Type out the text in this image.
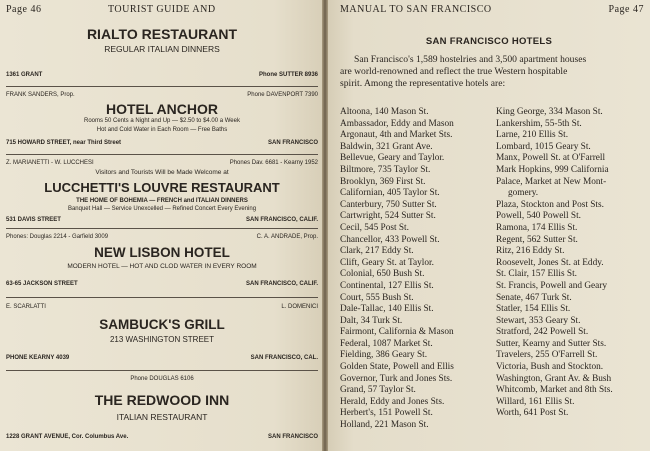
Page 46	TOURIST GUIDE AND
RIALTO RESTAURANT
REGULAR ITALIAN DINNERS
1361 GRANT	Phone SUTTER 8936
FRANK SANDERS, Prop.	Phone DAVENPORT 7390
HOTEL ANCHOR
Rooms 50 Cents a Night and Up — $2.50 to $4.00 a Week
Hot and Cold Water in Each Room — Free Baths
715 HOWARD STREET, near Third Street	SAN FRANCISCO
Z. MARIANETTI - W. LUCCHESI	Phones Dav. 6681 - Kearny 1952
Visitors and Tourists Will be Made Welcome at
LUCCHETTI'S LOUVRE RESTAURANT
THE HOME OF BOHEMIA — FRENCH and ITALIAN DINNERS
Banquet Hall — Service Unexcelled — Refined Concert Every Evening
531 DAVIS STREET	SAN FRANCISCO, CALIF.
Phones: Douglas 2214 - Garfield 3009	C. A. ANDRADE, Prop.
NEW LISBON HOTEL
MODERN HOTEL — HOT AND CLOD WATER IN EVERY ROOM
63-65 JACKSON STREET	SAN FRANCISCO, CALIF.
E. SCARLATTI	L. DOMENICI
SAMBUCK'S GRILL
213 WASHINGTON STREET
PHONE KEARNY 4039	SAN FRANCISCO, CAL.
Phone DOUGLAS 6106
THE REDWOOD INN
ITALIAN RESTAURANT
1228 GRANT AVENUE, Cor. Columbus Ave.	SAN FRANCISCO
MANUAL TO SAN FRANCISCO	Page 47
SAN FRANCISCO HOTELS
San Francisco's 1,589 hostelries and 3,500 apartment houses
are world-renowned and reflect the true Western hospitable
spirit. Among the representative hotels are:
Altoona, 140 Mason St.
Ambassador, Eddy and Mason
Argonaut, 4th and Market Sts.
Baldwin, 321 Grant Ave.
Bellevue, Geary and Taylor.
Biltmore, 735 Taylor St.
Brooklyn, 369 First St.
Californian, 405 Taylor St.
Canterbury, 750 Sutter St.
Cartwright, 524 Sutter St.
Cecil, 545 Post St.
Chancellor, 433 Powell St.
Clark, 217 Eddy St.
Clift, Geary St. at Taylor.
Colonial, 650 Bush St.
Continental, 127 Ellis St.
Court, 555 Bush St.
Dale-Tallac, 140 Ellis St.
Dalt, 34 Turk St.
Fairmont, California & Mason
Federal, 1087 Market St.
Fielding, 386 Geary St.
Golden State, Powell and Ellis
Governor, Turk and Jones Sts.
Grand, 57 Taylor St.
Herald, Eddy and Jones Sts.
Herbert's, 151 Powell St.
Holland, 221 Mason St.
King George, 334 Mason St.
Lankershim, 55-5th St.
Larne, 210 Ellis St.
Lombard, 1015 Geary St.
Manx, Powell St. at O'Farrell
Mark Hopkins, 999 California
Palace, Market at New Mont-
gomery.
Plaza, Stockton and Post Sts.
Powell, 540 Powell St.
Ramona, 174 Ellis St.
Regent, 562 Sutter St.
Ritz, 216 Eddy St.
Roosevelt, Jones St. at Eddy.
St. Clair, 157 Ellis St.
St. Francis, Powell and Geary
Senate, 467 Turk St.
Statler, 154 Ellis St.
Stewart, 353 Geary St.
Stratford, 242 Powell St.
Sutter, Kearny and Sutter Sts.
Travelers, 255 O'Farrell St.
Victoria, Bush and Stockton.
Washington, Grant Av. & Bush
Whitcomb, Market and 8th Sts.
Willard, 161 Ellis St.
Worth, 641 Post St.
